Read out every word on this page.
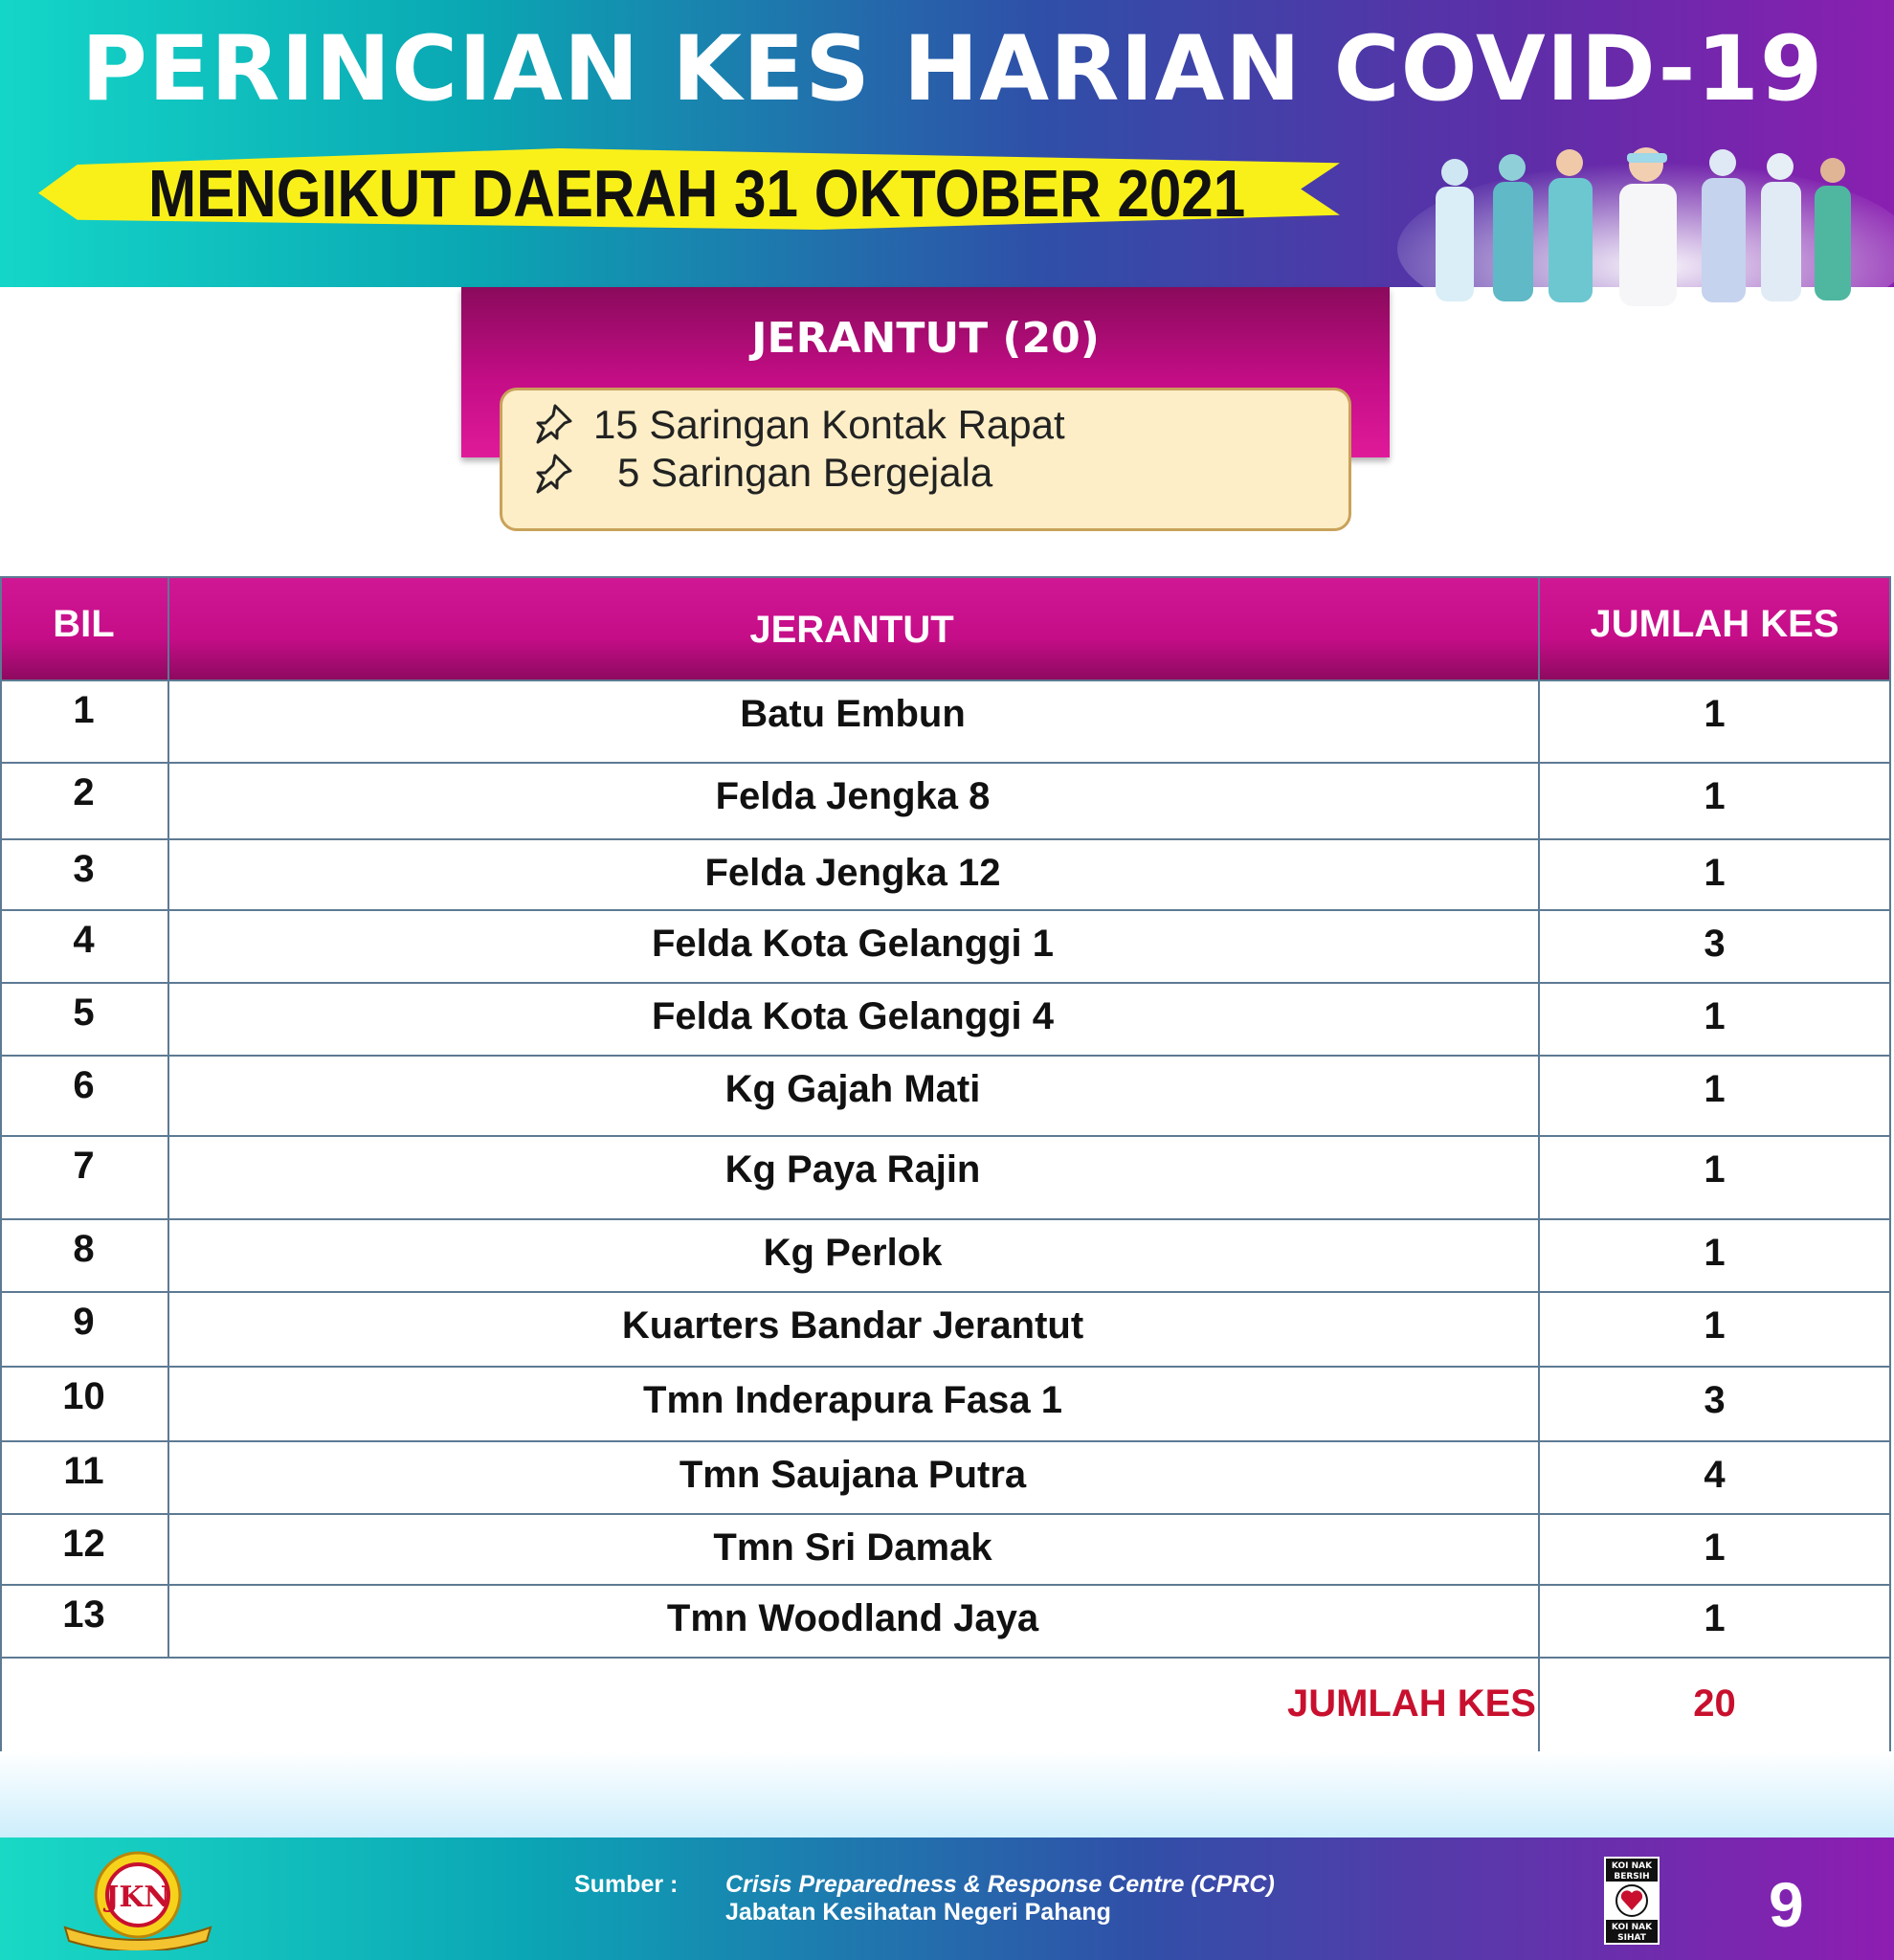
PERINCIAN KES HARIAN COVID-19
MENGIKUT DAERAH 31 OKTOBER 2021
JERANTUT (20)
15 Saringan Kontak Rapat
5 Saringan Bergejala
BIL	JERANTUT	JUMLAH KES
1	Batu Embun	1
2	Felda Jengka 8	1
3	Felda Jengka 12	1
4	Felda Kota Gelanggi 1	3
5	Felda Kota Gelanggi 4	1
6	Kg Gajah Mati	1
7	Kg Paya Rajin	1
8	Kg Perlok	1
9	Kuarters Bandar Jerantut	1
10	Tmn Inderapura Fasa 1	3
11	Tmn Saujana Putra	4
12	Tmn Sri Damak	1
13	Tmn Woodland Jaya	1
JUMLAH KES	20
JKN	Sumber : Crisis Preparedness & Response Centre (CPRC)
Jabatan Kesihatan Negeri Pahang
KOI NAK
BERSIH
KOI NAK
SIHAT 9
